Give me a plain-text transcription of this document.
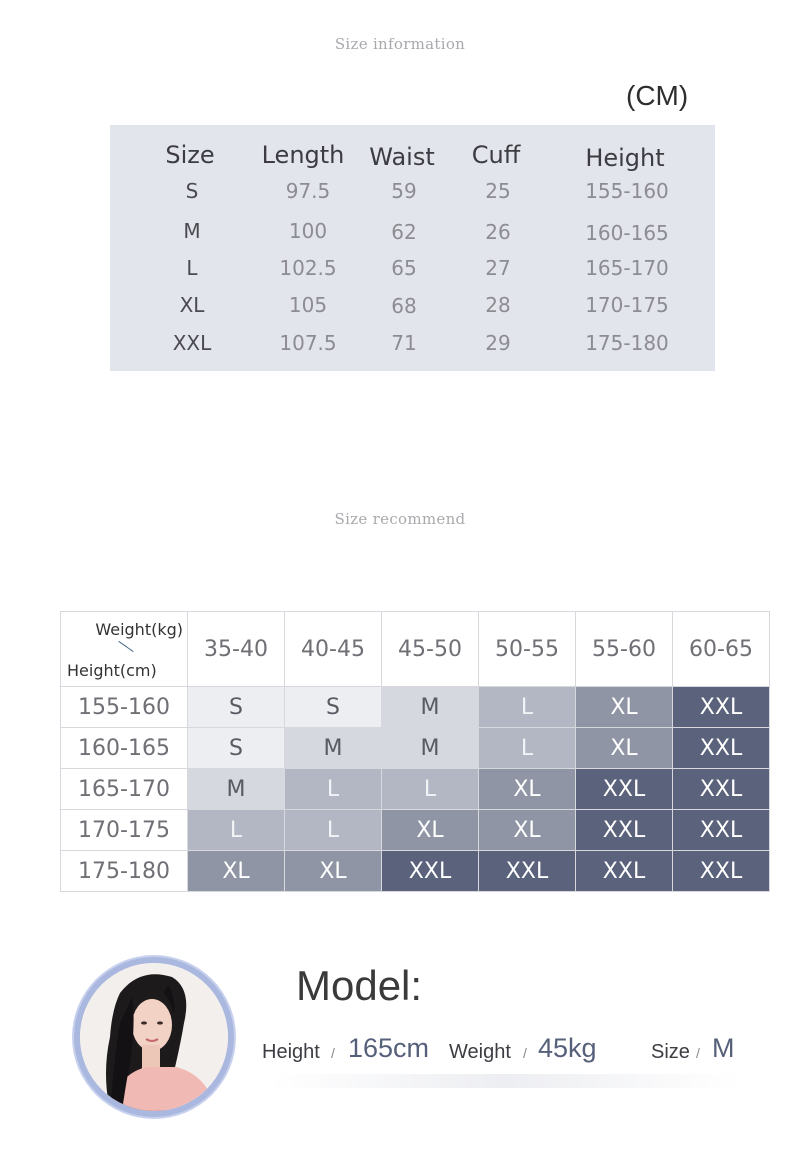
Size information
(CM)
Size Length Waist Cuff	Height
S	97.5	59	25	155-160
M	100	62	26	160-165
L	102.5	65	27	165-170
XL	105	68	28	170-175
XXL	107.5	71	29	175-180
Size recommend
Weight(kg)
Height(cm)	35-40	40-45	45-50	50-55	55-60	60-65
155-160	S	S	M	L	XL	XXL
160-165	S	M	M	L	XL	XXL
165-170	M	L	L	XL	XXL	XXL
170-175	L	L	XL	XL	XXL	XXL
175-180	XL	XL	XXL	XXL	XXL	XXL
Model:
Height / 165cm Weight / 45kg	Size / M
